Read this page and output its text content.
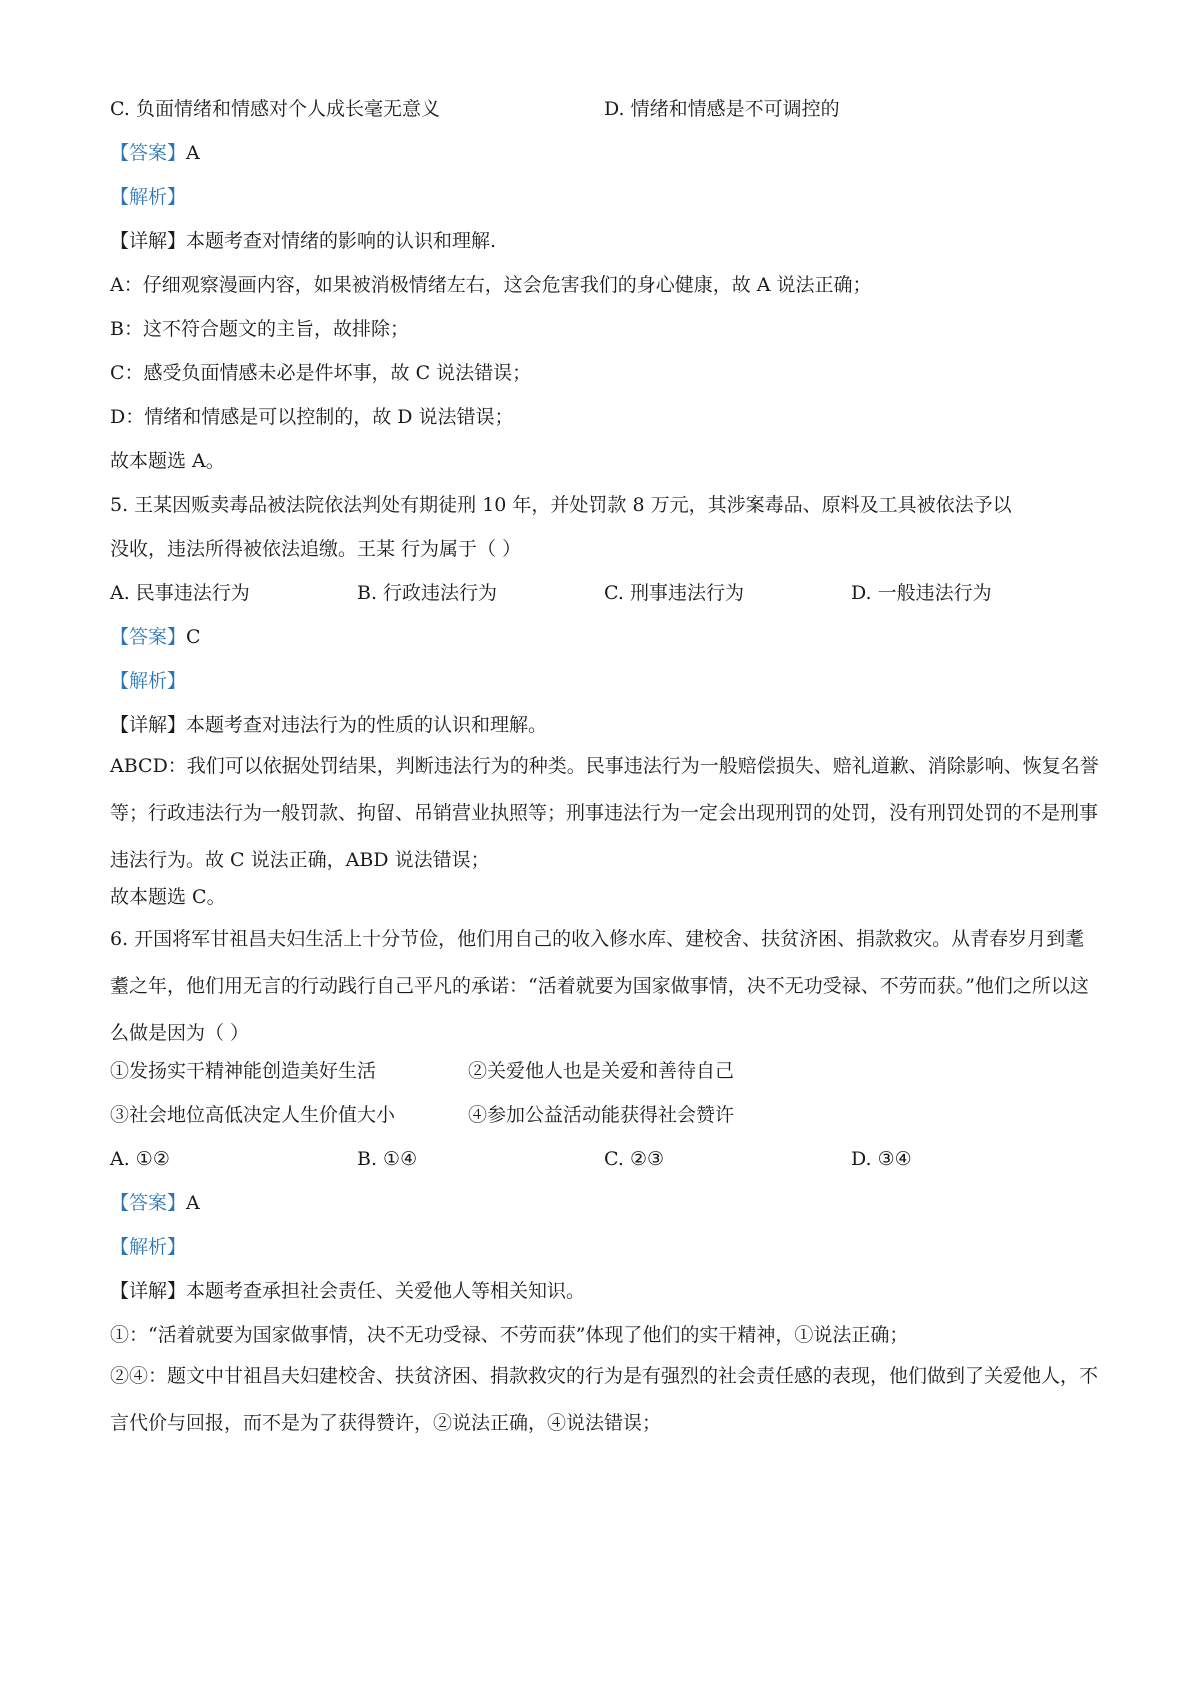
C. 负面情绪和情感对个人成长毫无意义	D. 情绪和情感是不可调控的
【答案】A
【解析】
【详解】本题考查对情绪的影响的认识和理解.
A：仔细观察漫画内容，如果被消极情绪左右，这会危害我们的身心健康，故 A 说法正确；
B：这不符合题文的主旨，故排除；
C：感受负面情感未必是件坏事，故 C 说法错误；
D：情绪和情感是可以控制的，故 D 说法错误；
故本题选 A。
5. 王某因贩卖毒品被法院依法判处有期徒刑 10 年，并处罚款 8 万元，其涉案毒品、原料及工具被依法予以
没收，违法所得被依法追缴。王某 行为属于（ ）
A. 民事违法行为	B. 行政违法行为	C. 刑事违法行为	D. 一般违法行为
【答案】C
【解析】
【详解】本题考查对违法行为的性质的认识和理解。

ABCD：我们可以依据处罚结果，判断违法行为的种类。民事违法行为一般赔偿损失、赔礼道歉、消除影响、恢复名誉等；行政违法行为一般罚款、拘留、吊销营业执照等；刑事违法行为一定会出现刑罚的处罚，没有刑罚处罚的不是刑事违法行为。故 C 说法正确，ABD 说法错误；

故本题选 C。

6. 开国将军甘祖昌夫妇生活上十分节俭，他们用自己的收入修水库、建校舍、扶贫济困、捐款救灾。从青春岁月到耄耋之年，他们用无言的行动践行自己平凡的承诺：“活着就要为国家做事情，决不无功受禄、不劳而获。”他们之所以这么做是因为（ ）

①发扬实干精神能创造美好生活	②关爱他人也是关爱和善待自己
③社会地位高低决定人生价值大小	④参加公益活动能获得社会赞许
A. ①②	B. ①④	C. ②③	D. ③④
【答案】A
【解析】
【详解】本题考查承担社会责任、关爱他人等相关知识。
①：“活着就要为国家做事情，决不无功受禄、不劳而获”体现了他们的实干精神，①说法正确；

②④：题文中甘祖昌夫妇建校舍、扶贫济困、捐款救灾的行为是有强烈的社会责任感的表现，他们做到了关爱他人，不言代价与回报，而不是为了获得赞许，②说法正确，④说法错误；
